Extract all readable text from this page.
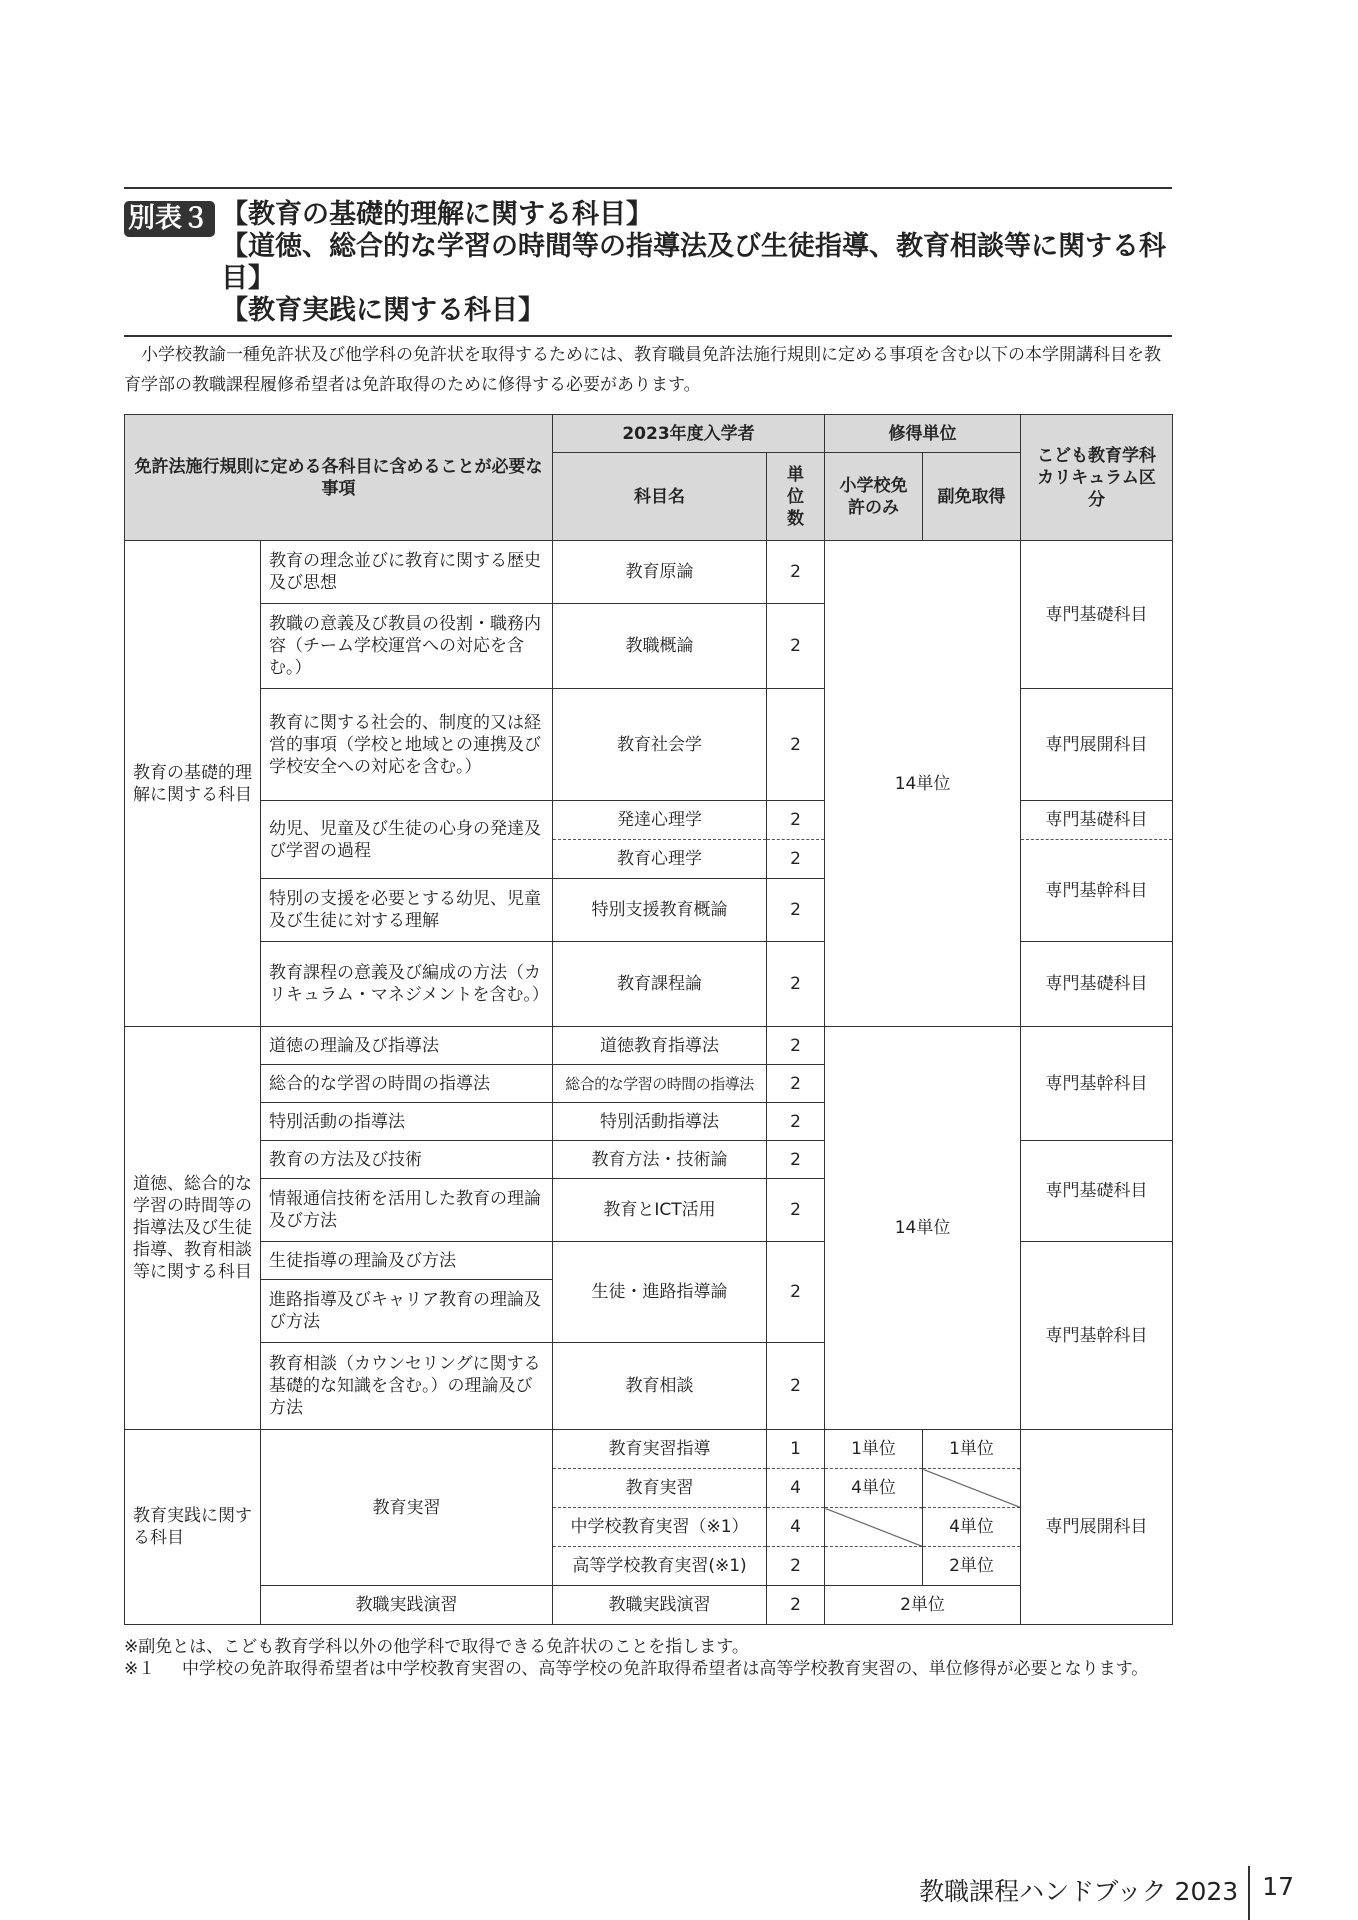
別表３ 【教育の基礎的理解に関する科目】
【道徳、総合的な学習の時間等の指導法及び生徒指導、教育相談等に関する科目】
【教育実践に関する科目】
小学校教諭一種免許状及び他学科の免許状を取得するためには、教育職員免許法施行規則に定める事項を含む以下の本学開講科目を教育学部の教職課程履修希望者は免許取得のために修得する必要があります。
免許法施行規則に定める各科目に含めることが必要な事項		2023年度入学者		修得単位		こども教育学科カリキュラム区分
		科目名	単位数	小学校免許のみ	副免取得	
教育の基礎的理解に関する科目	教育の理念並びに教育に関する歴史及び思想	教育原論	2	14単位		専門基礎科目
	教職の意義及び教員の役割・職務内容（チーム学校運営への対応を含む。）	教職概論	2			
	教育に関する社会的、制度的又は経営的事項（学校と地域との連携及び学校安全への対応を含む。）	教育社会学	2			専門展開科目
	幼児、児童及び生徒の心身の発達及び学習の過程	発達心理学	2			専門基礎科目
		教育心理学	2			専門基幹科目
	特別の支援を必要とする幼児、児童及び生徒に対する理解	特別支援教育概論	2			
	教育課程の意義及び編成の方法（カリキュラム・マネジメントを含む。）	教育課程論	2			専門基礎科目
道徳、総合的な学習の時間等の指導法及び生徒指導、教育相談等に関する科目	道徳の理論及び指導法	道徳教育指導法	2	14単位		専門基幹科目
	総合的な学習の時間の指導法	総合的な学習の時間の指導法	2			
	特別活動の指導法	特別活動指導法	2			
	教育の方法及び技術	教育方法・技術論	2			専門基礎科目
	情報通信技術を活用した教育の理論及び方法	教育とICT活用	2			
	生徒指導の理論及び方法	生徒・進路指導論	2			専門基幹科目
	進路指導及びキャリア教育の理論及び方法					
	教育相談（カウンセリングに関する基礎的な知識を含む。）の理論及び方法	教育相談	2			
教育実践に関する科目	教育実習	教育実習指導	1	1単位	1単位	専門展開科目
		教育実習	4	4単位		
		中学校教育実習（※1）	4		4単位	
		高等学校教育実習(※1)	2		2単位	
	教職実践演習	教職実践演習	2	2単位		
※副免とは、こども教育学科以外の他学科で取得できる免許状のことを指します。
※１	中学校の免許取得希望者は中学校教育実習の、高等学校の免許取得希望者は高等学校教育実習の、単位修得が必要となります。
教職課程ハンドブック 2023 17
